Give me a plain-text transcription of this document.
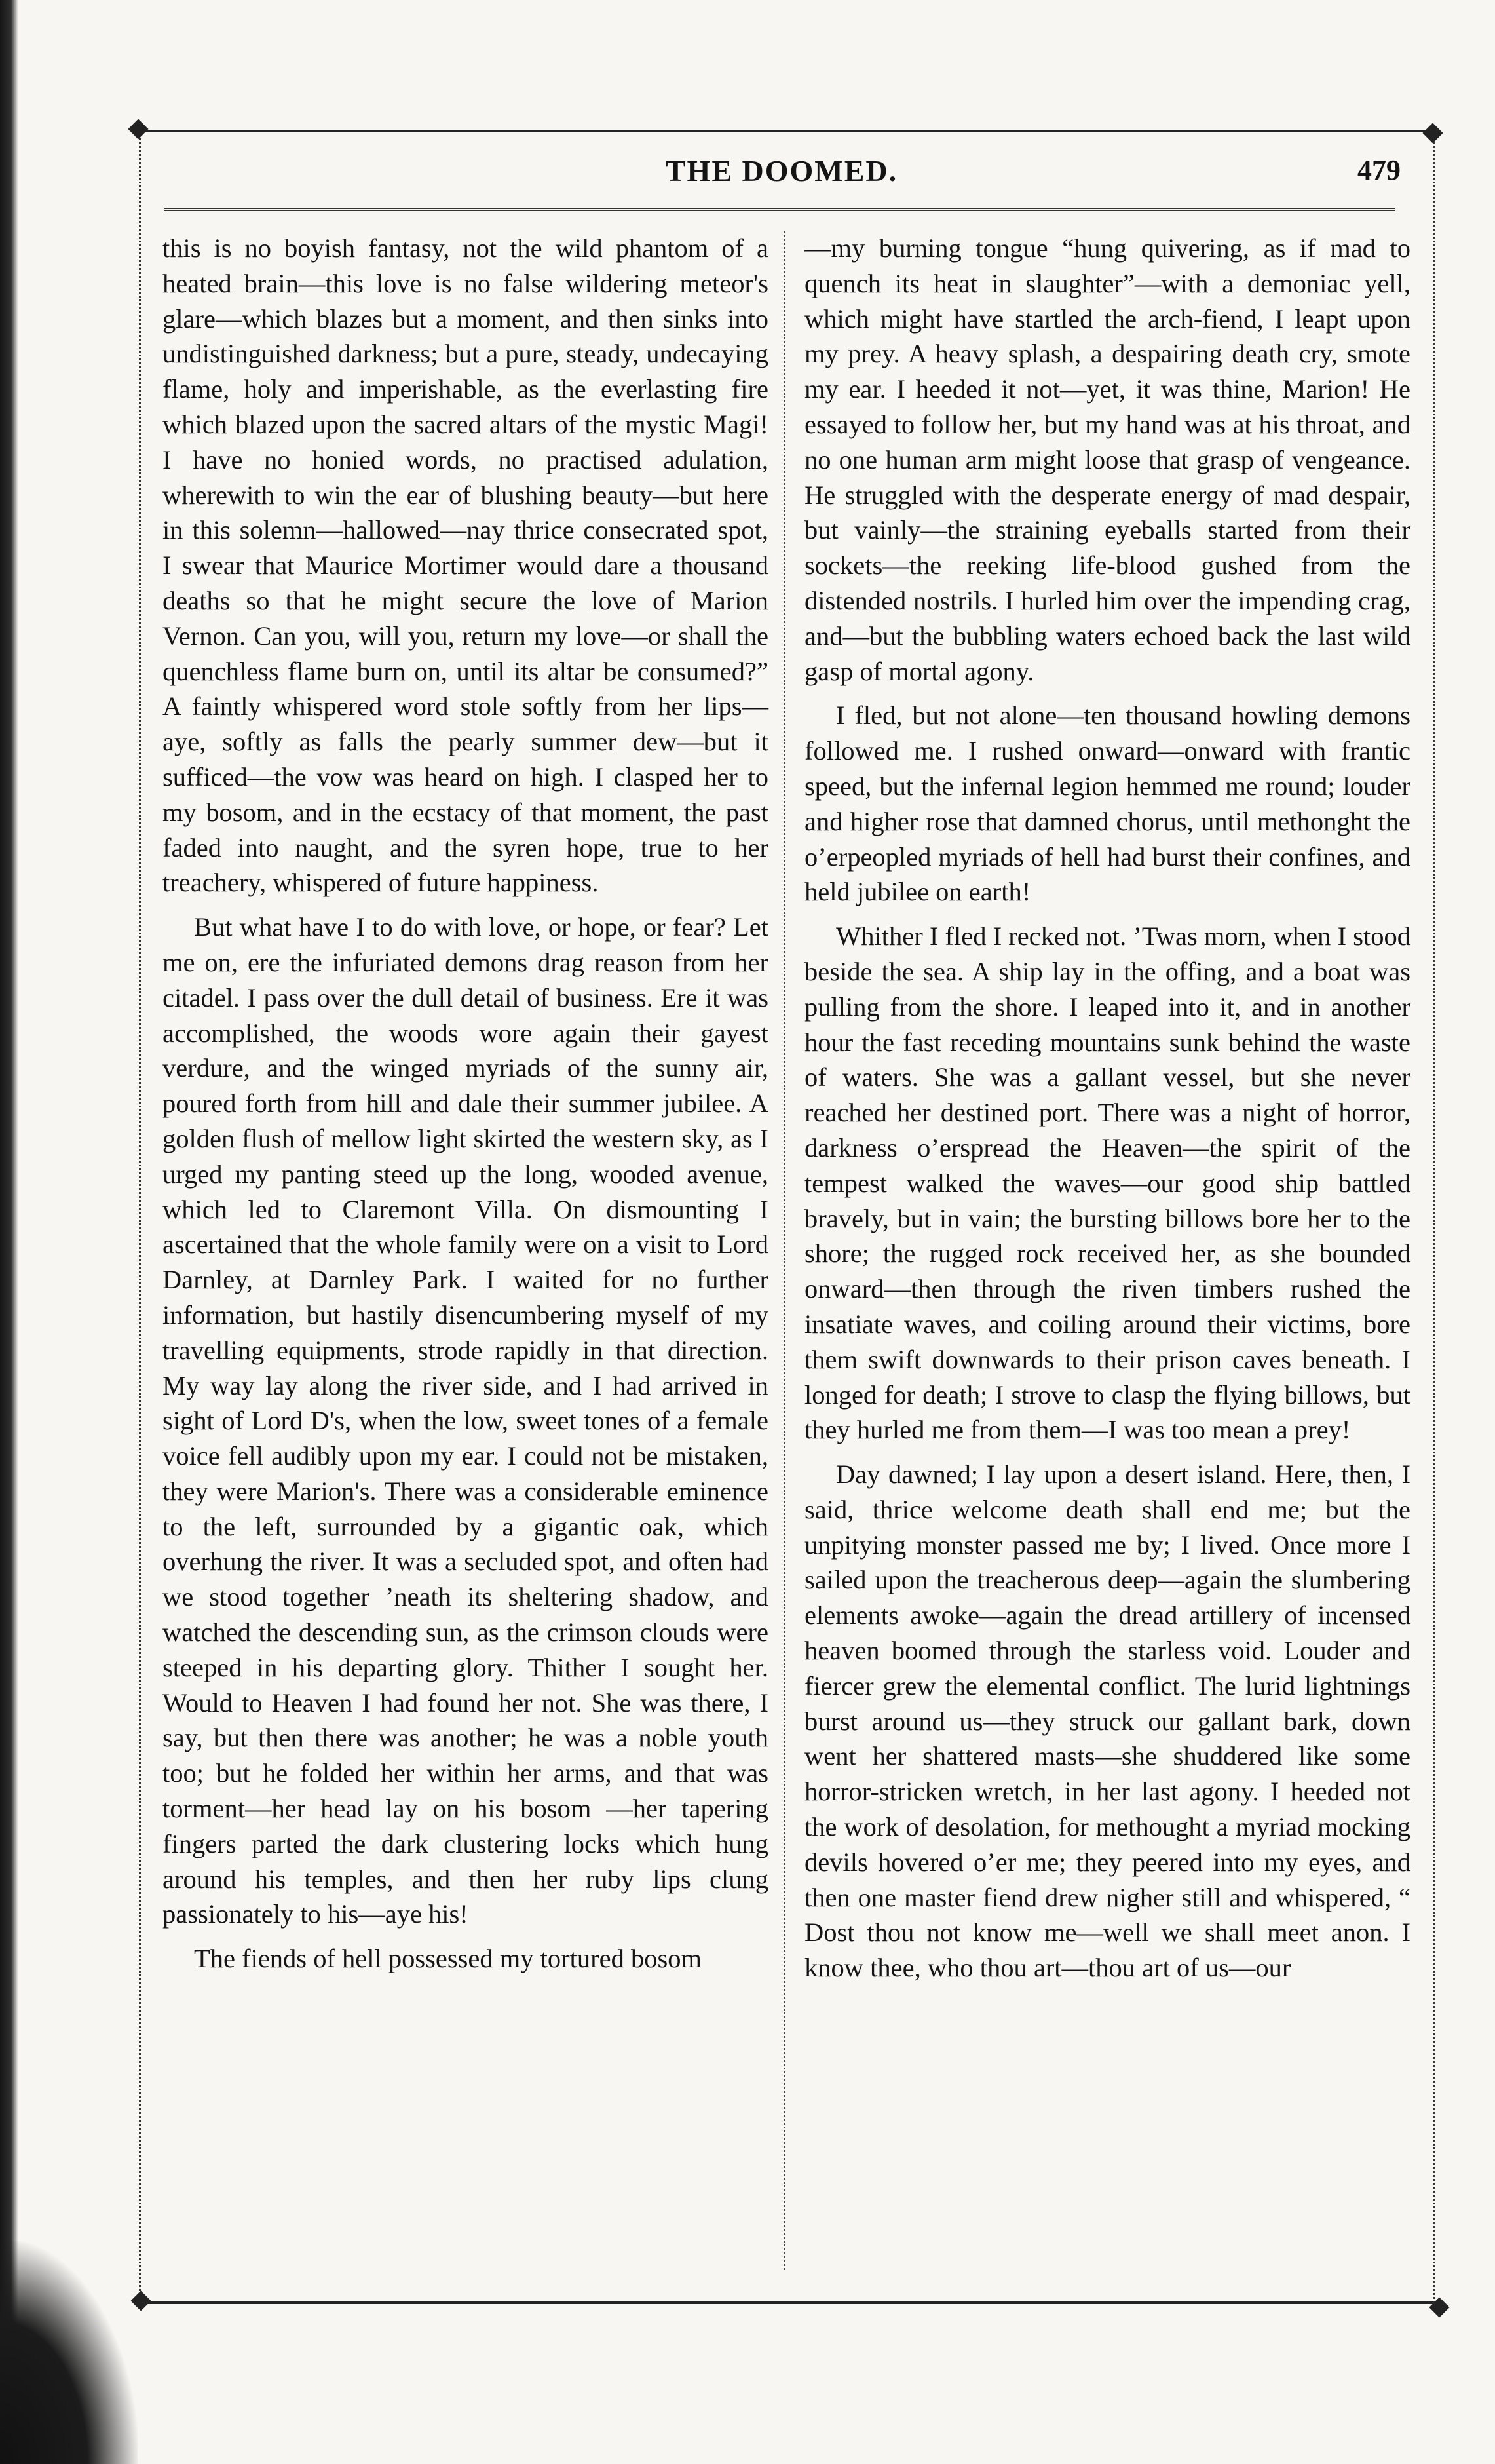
THE DOOMED.	479

this is no boyish fantasy, not the wild phantom of a heated brain—this love is no false wildering meteor's glare—which blazes but a moment, and then sinks into undistinguished darkness; but a pure, steady, undecaying flame, holy and imperishable, as the everlasting fire which blazed upon the sacred altars of the mystic Magi! I have no honied words, no practised adulation, wherewith to win the ear of blushing beauty—but here in this solemn—hallowed—nay thrice consecrated spot, I swear that Maurice Mortimer would dare a thousand deaths so that he might secure the love of Marion Vernon. Can you, will you, return my love—or shall the quenchless flame burn on, until its altar be consumed?” A faintly whispered word stole softly from her lips—aye, softly as falls the pearly summer dew—but it sufficed—the vow was heard on high. I clasped her to my bosom, and in the ecstacy of that moment, the past faded into naught, and the syren hope, true to her treachery, whispered of future happiness.

But what have I to do with love, or hope, or fear? Let me on, ere the infuriated demons drag reason from her citadel. I pass over the dull detail of business. Ere it was accomplished, the woods wore again their gayest verdure, and the winged myriads of the sunny air, poured forth from hill and dale their summer jubilee. A golden flush of mellow light skirted the western sky, as I urged my panting steed up the long, wooded avenue, which led to Claremont Villa. On dismounting I ascertained that the whole family were on a visit to Lord Darnley, at Darnley Park. I waited for no further information, but hastily disencumbering myself of my travelling equipments, strode rapidly in that direction. My way lay along the river side, and I had arrived in sight of Lord D's, when the low, sweet tones of a female voice fell audibly upon my ear. I could not be mistaken, they were Marion's. There was a considerable eminence to the left, surrounded by a gigantic oak, which overhung the river. It was a secluded spot, and often had we stood together ’neath its sheltering shadow, and watched the descending sun, as the crimson clouds were steeped in his departing glory. Thither I sought her. Would to Heaven I had found her not. She was there, I say, but then there was another; he was a noble youth too; but he folded her within her arms, and that was torment—her head lay on his bosom —her tapering fingers parted the dark clustering locks which hung around his temples, and then her ruby lips clung passionately to his—aye his!

The fiends of hell possessed my tortured bosom

—my burning tongue “hung quivering, as if mad to quench its heat in slaughter”—with a demoniac yell, which might have startled the arch-fiend, I leapt upon my prey. A heavy splash, a despairing death cry, smote my ear. I heeded it not—yet, it was thine, Marion! He essayed to follow her, but my hand was at his throat, and no one human arm might loose that grasp of vengeance. He struggled with the desperate energy of mad despair, but vainly—the straining eyeballs started from their sockets—the reeking life-blood gushed from the distended nostrils. I hurled him over the impending crag, and—but the bubbling waters echoed back the last wild gasp of mortal agony.

I fled, but not alone—ten thousand howling demons followed me. I rushed onward—onward with frantic speed, but the infernal legion hemmed me round; louder and higher rose that damned chorus, until methonght the o’erpeopled myriads of hell had burst their confines, and held jubilee on earth!

Whither I fled I recked not. ’Twas morn, when I stood beside the sea. A ship lay in the offing, and a boat was pulling from the shore. I leaped into it, and in another hour the fast receding mountains sunk behind the waste of waters. She was a gallant vessel, but she never reached her destined port. There was a night of horror, darkness o’erspread the Heaven—the spirit of the tempest walked the waves—our good ship battled bravely, but in vain; the bursting billows bore her to the shore; the rugged rock received her, as she bounded onward—then through the riven timbers rushed the insatiate waves, and coiling around their victims, bore them swift downwards to their prison caves beneath. I longed for death; I strove to clasp the flying billows, but they hurled me from them—I was too mean a prey!

Day dawned; I lay upon a desert island. Here, then, I said, thrice welcome death shall end me; but the unpitying monster passed me by; I lived. Once more I sailed upon the treacherous deep—again the slumbering elements awoke—again the dread artillery of incensed heaven boomed through the starless void. Louder and fiercer grew the elemental conflict. The lurid lightnings burst around us—they struck our gallant bark, down went her shattered masts—she shuddered like some horror-stricken wretch, in her last agony. I heeded not the work of desolation, for methought a myriad mocking devils hovered o’er me; they peered into my eyes, and then one master fiend drew nigher still and whispered, “ Dost thou not know me—well we shall meet anon. I know thee, who thou art—thou art of us—our
